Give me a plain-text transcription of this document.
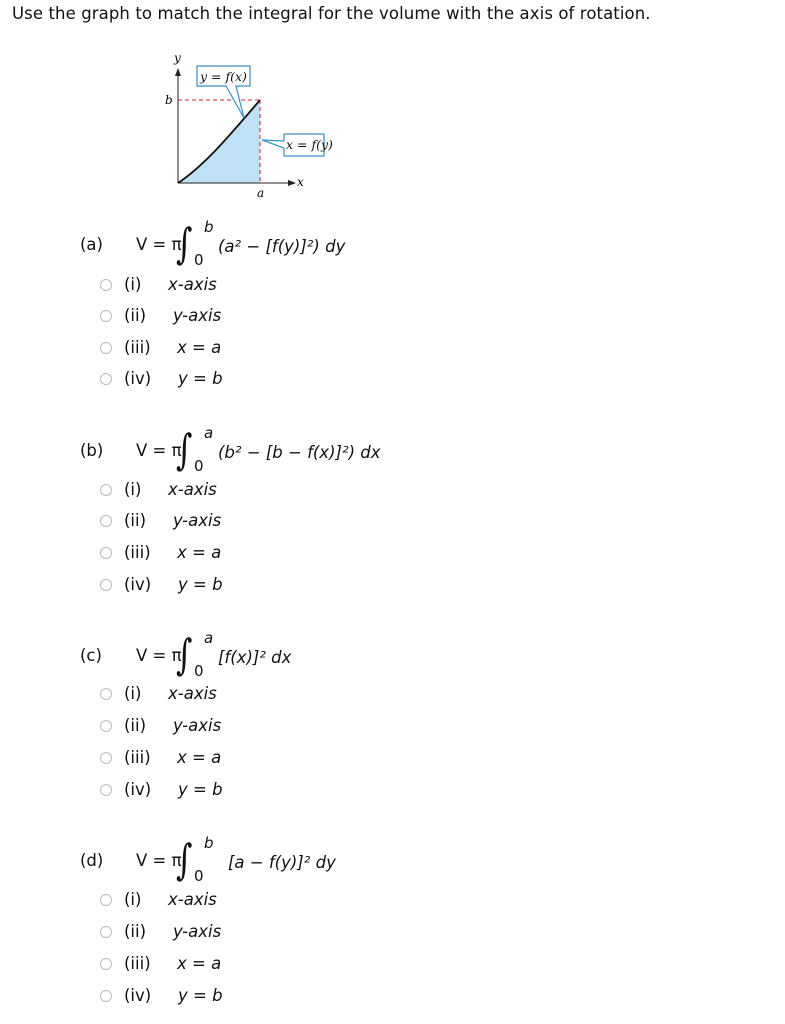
Use the graph to match the integral for the volume with the axis of rotation.
y = f(x)
x = f(y)
y
x
b
a
(a) V = π
∫ b
0
(a² − [f(y)]²) dy
(i) x-axis
(ii) y-axis
(iii) x = a
(iv) y = b
(b) V = π
∫ a
0
(b² − [b − f(x)]²) dx
(i) x-axis
(ii) y-axis
(iii) x = a
(iv) y = b
(c) V = π
∫ a
0
[f(x)]² dx
(i) x-axis
(ii) y-axis
(iii) x = a
(iv) y = b
(d) V = π
∫ b
0
[a − f(y)]² dy
(i) x-axis
(ii) y-axis
(iii) x = a
(iv) y = b
